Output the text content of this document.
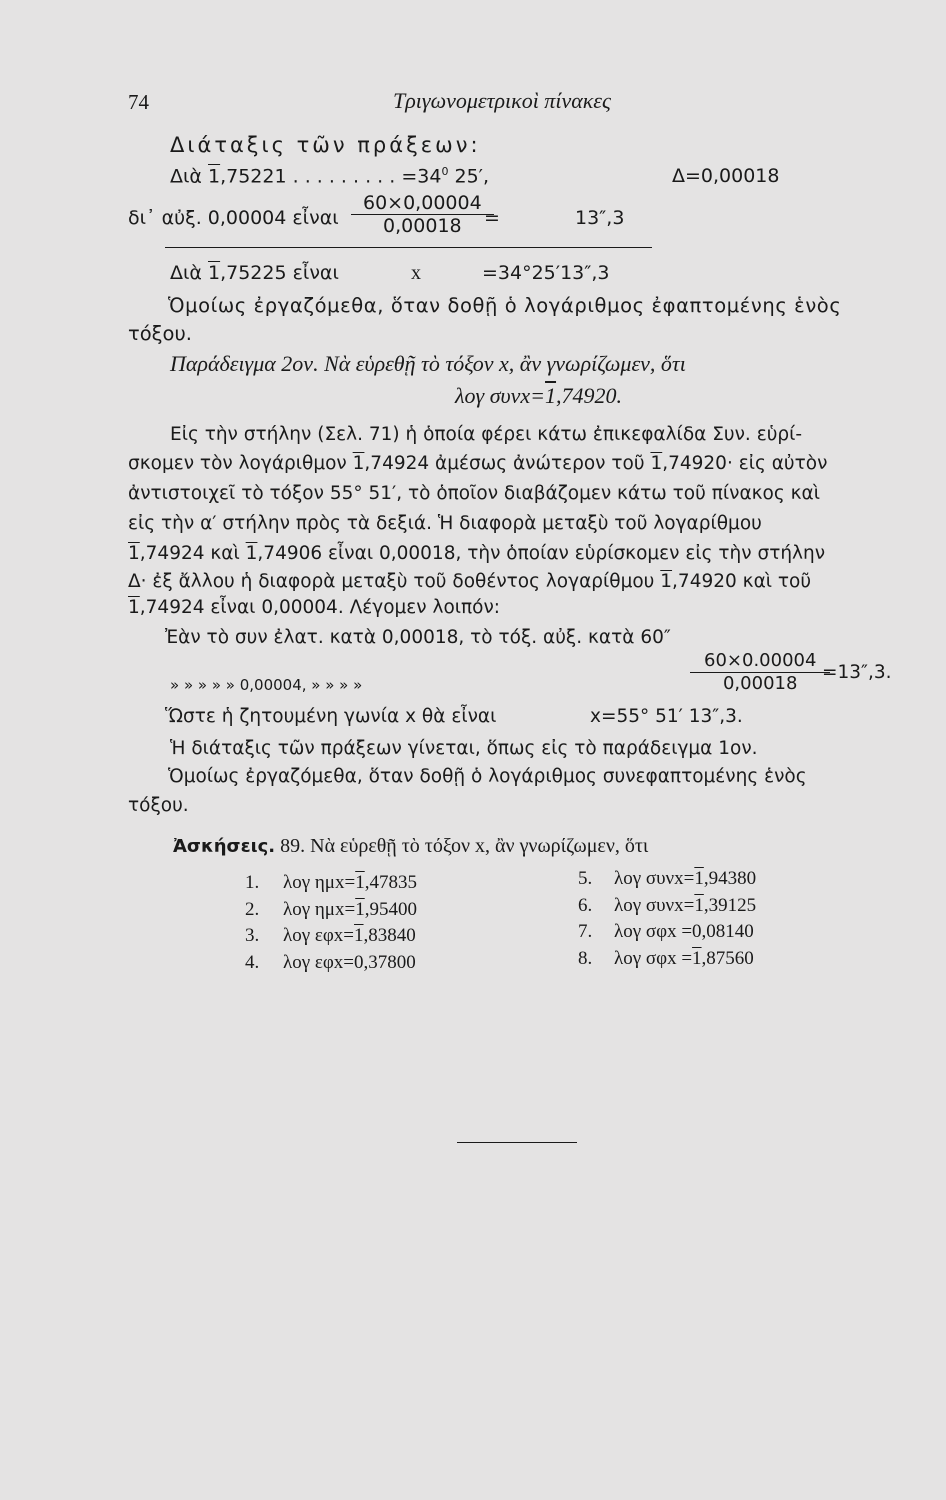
74	Τριγωνομετρικοὶ πίνακες
Διάταξις τῶν πράξεων:
Διὰ 1,75221 . . . . . . . . . $=34^0$ 25′,	Δ=0,00018
δι᾽ αὐξ. 0,00004 εἶναι $\frac{60\times 0,00004}{0,00018}$
=	13″,3
Διὰ 1,75225 εἶναι	x	=34°25′13″,3
Ὁμοίως ἐργαζόμεθα, ὅταν δοθῇ ὁ λογάριθμος ἐφαπτομένης ἑνὸς
τόξου.
Παράδειγμα 2ον. Νὰ εὑρεθῇ τὸ τόξον x, ἂν γνωρίζωμεν, ὅτι
λογ συνx=1,74920.
Εἰς τὴν στήλην (Σελ. 71) ἡ ὁποία φέρει κάτω ἐπικεφαλίδα Συν. εὑρί-
σκομεν τὸν λογάριθμον 1,74924 ἀμέσως ἀνώτερον τοῦ 1,74920· εἰς αὐτὸν
ἀντιστοιχεῖ τὸ τόξον 55° 51′, τὸ ὁποῖον διαβάζομεν κάτω τοῦ πίνακος καὶ
εἰς τὴν α′ στήλην πρὸς τὰ δεξιά. Ἡ διαφορὰ μεταξὺ τοῦ λογαρίθμου
1,74924 καὶ 1,74906 εἶναι 0,00018, τὴν ὁποίαν εὑρίσκομεν εἰς τὴν στήλην
Δ· ἐξ ἄλλου ἡ διαφορὰ μεταξὺ τοῦ δοθέντος λογαρίθμου 1,74920 καὶ τοῦ
1,74924 εἶναι 0,00004. Λέγομεν λοιπόν:
Ἐὰν τὸ συν ἐλατ. κατὰ 0,00018, τὸ τόξ. αὐξ. κατὰ 60″
» » » » » 0,00004, » » » »	$\frac{60\times 0.00004}{0,00018}$
=13″,3.
Ὥστε ἡ ζητουμένη γωνία x θὰ εἶναι	x=55° 51′ 13″,3.
Ἡ διάταξις τῶν πράξεων γίνεται, ὅπως εἰς τὸ παράδειγμα 1ον.
Ὁμοίως ἐργαζόμεθα, ὅταν δοθῇ ὁ λογάριθμος συνεφαπτομένης ἑνὸς
τόξου.
Ἀσκήσεις. 89. Νὰ εὑρεθῇ τὸ τόξον x, ἂν γνωρίζωμεν, ὅτι
1. λογ ημx=1,47835
2. λογ ημx=1,95400
3. λογ εφx=1,83840
4. λογ εφx=0,37800
5. λογ συνx=1,94380
6. λογ συνx=1,39125
7. λογ σφx =0,08140
8. λογ σφx =1,87560
